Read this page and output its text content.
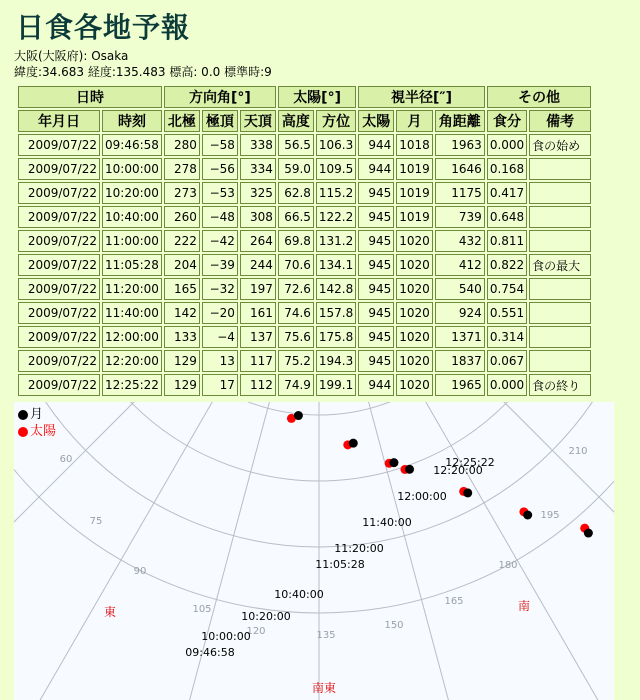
日食各地予報
大阪(大阪府): Osaka
緯度:34.683 経度:135.483 標高: 0.0 標準時:9
日時		方向角[°]			太陽[°]		視半径[″]			その他	
年月日	時刻	北極	極頂	天頂	高度	方位	太陽	月	角距離	食分	備考
2009/07/22	09:46:58	280	−58	338	56.5	106.3	944	1018	1963	0.000	食の始め
2009/07/22	10:00:00	278	−56	334	59.0	109.5	944	1019	1646	0.168	
2009/07/22	10:20:00	273	−53	325	62.8	115.2	945	1019	1175	0.417	
2009/07/22	10:40:00	260	−48	308	66.5	122.2	945	1019	739	0.648	
2009/07/22	11:00:00	222	−42	264	69.8	131.2	945	1020	432	0.811	
2009/07/22	11:05:28	204	−39	244	70.6	134.1	945	1020	412	0.822	食の最大
2009/07/22	11:20:00	165	−32	197	72.6	142.8	945	1020	540	0.754	
2009/07/22	11:40:00	142	−20	161	74.6	157.8	945	1020	924	0.551	
2009/07/22	12:00:00	133	−4	137	75.6	175.8	945	1020	1371	0.314	
2009/07/22	12:20:00	129	13	117	75.2	194.3	945	1020	1837	0.067	
2009/07/22	12:25:22	129	17	112	74.9	199.1	944	1020	1965	0.000	食の終り
60
75
90
105
120	135
150
165
180
195
210
東
南東
南
09:46:58
10:00:00
10:20:00
10:40:00
11:05:28
11:20:00
11:40:00
12:00:00
12:20:00
12:25:22
月
太陽
